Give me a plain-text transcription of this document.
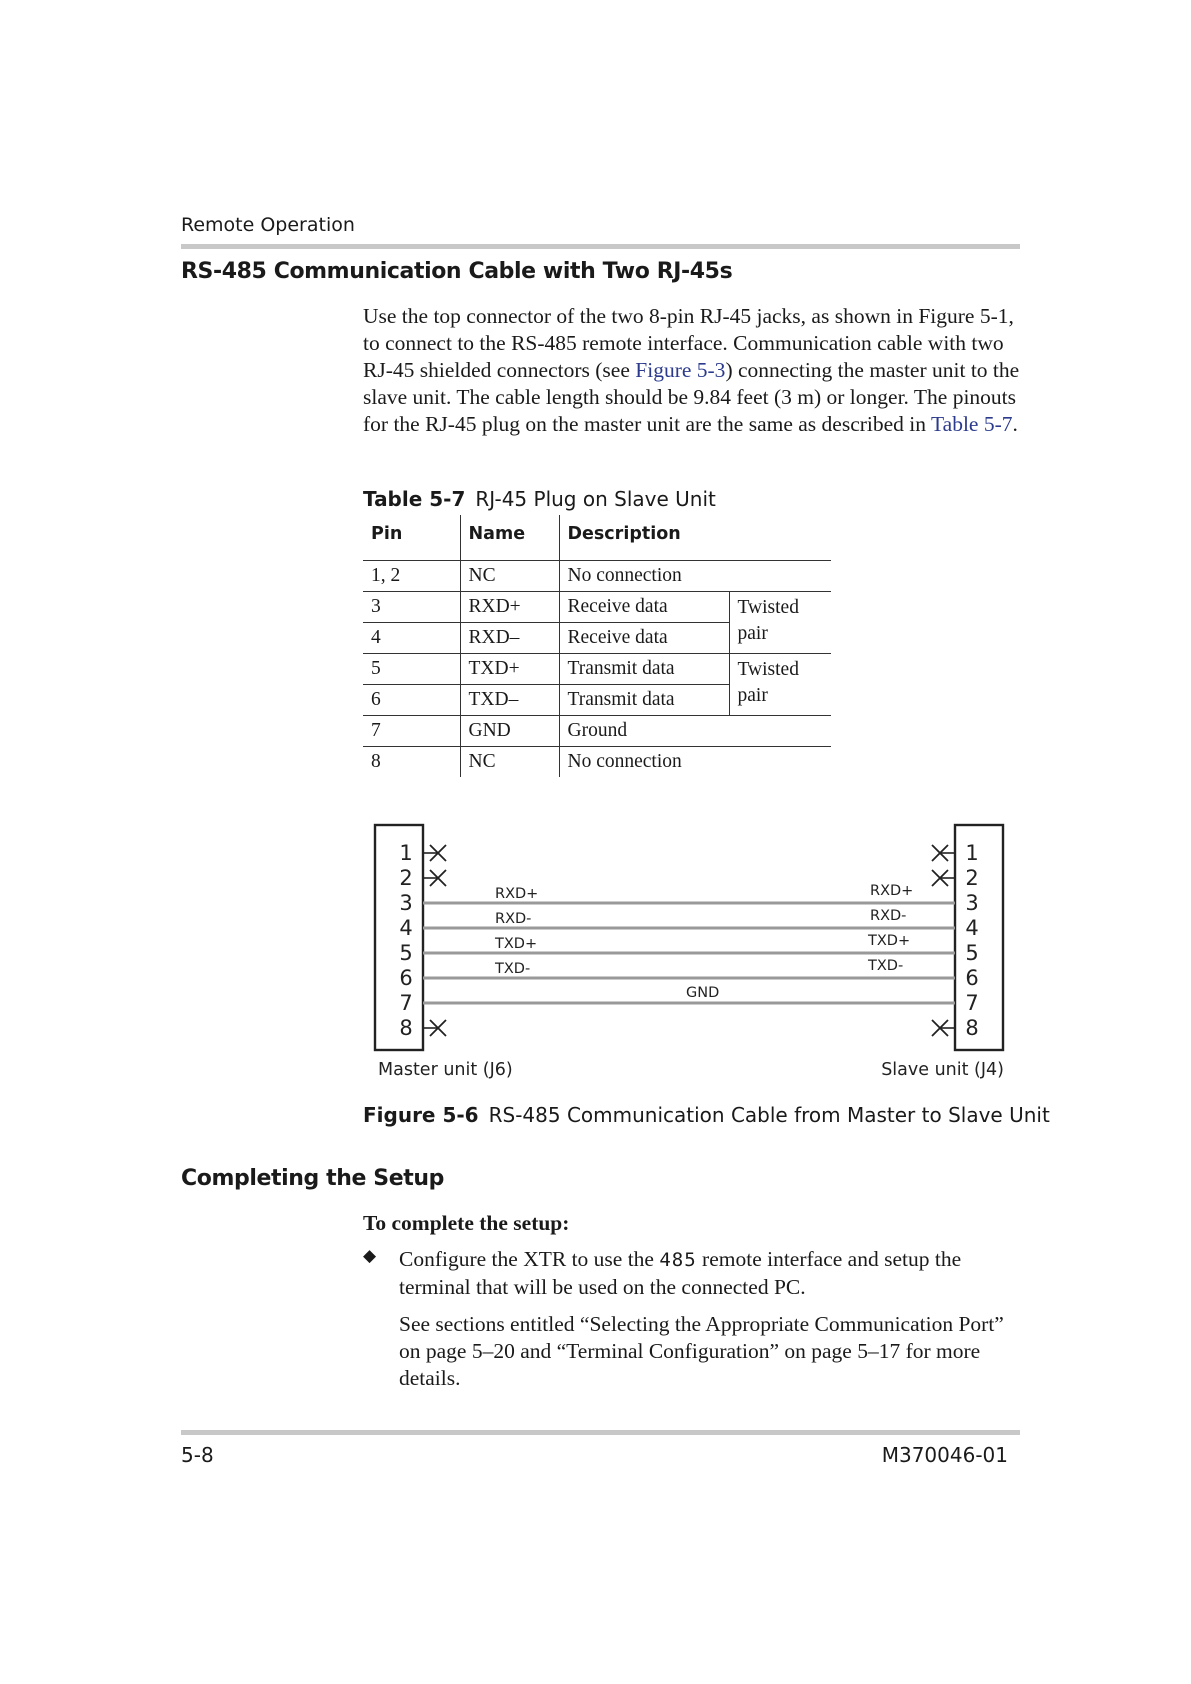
Remote Operation
RS-485 Communication Cable with Two RJ-45s
Use the top connector of the two 8-pin RJ-45 jacks, as shown in Figure 5-1, to connect to the RS-485 remote interface. Communication cable with two RJ-45 shielded connectors (see Figure 5-3) connecting the master unit to the slave unit. The cable length should be 9.84 feet (3 m) or longer. The pinouts for the RJ-45 plug on the master unit are the same as described in Table 5-7.
Table 5-7 RJ-45 Plug on Slave Unit
Pin	Name	Description	
1, 2	NC	No connection	
3	RXD+	Receive data	Twisted
pair
4	RXD–	Receive data	
5	TXD+	Transmit data	Twisted
pair
6	TXD–	Transmit data	
7	GND	Ground	
8	NC	No connection	
1
2
3
4
5
6
7
8
1
2
3
4
5
6
7
8
RXD+
RXD-
TXD+
TXD-
RXD+
RXD-
TXD+
TXD-
GND
Master unit (J6)	Slave unit (J4)
Figure 5-6 RS-485 Communication Cable from Master to Slave Unit
Completing the Setup
To complete the setup:
◆ Configure the XTR to use the 485 remote interface and setup the terminal that will be used on the connected PC.
See sections entitled “Selecting the Appropriate Communication Port” on page 5–20 and “Terminal Configuration” on page 5–17 for more details.
5-8	M370046-01
